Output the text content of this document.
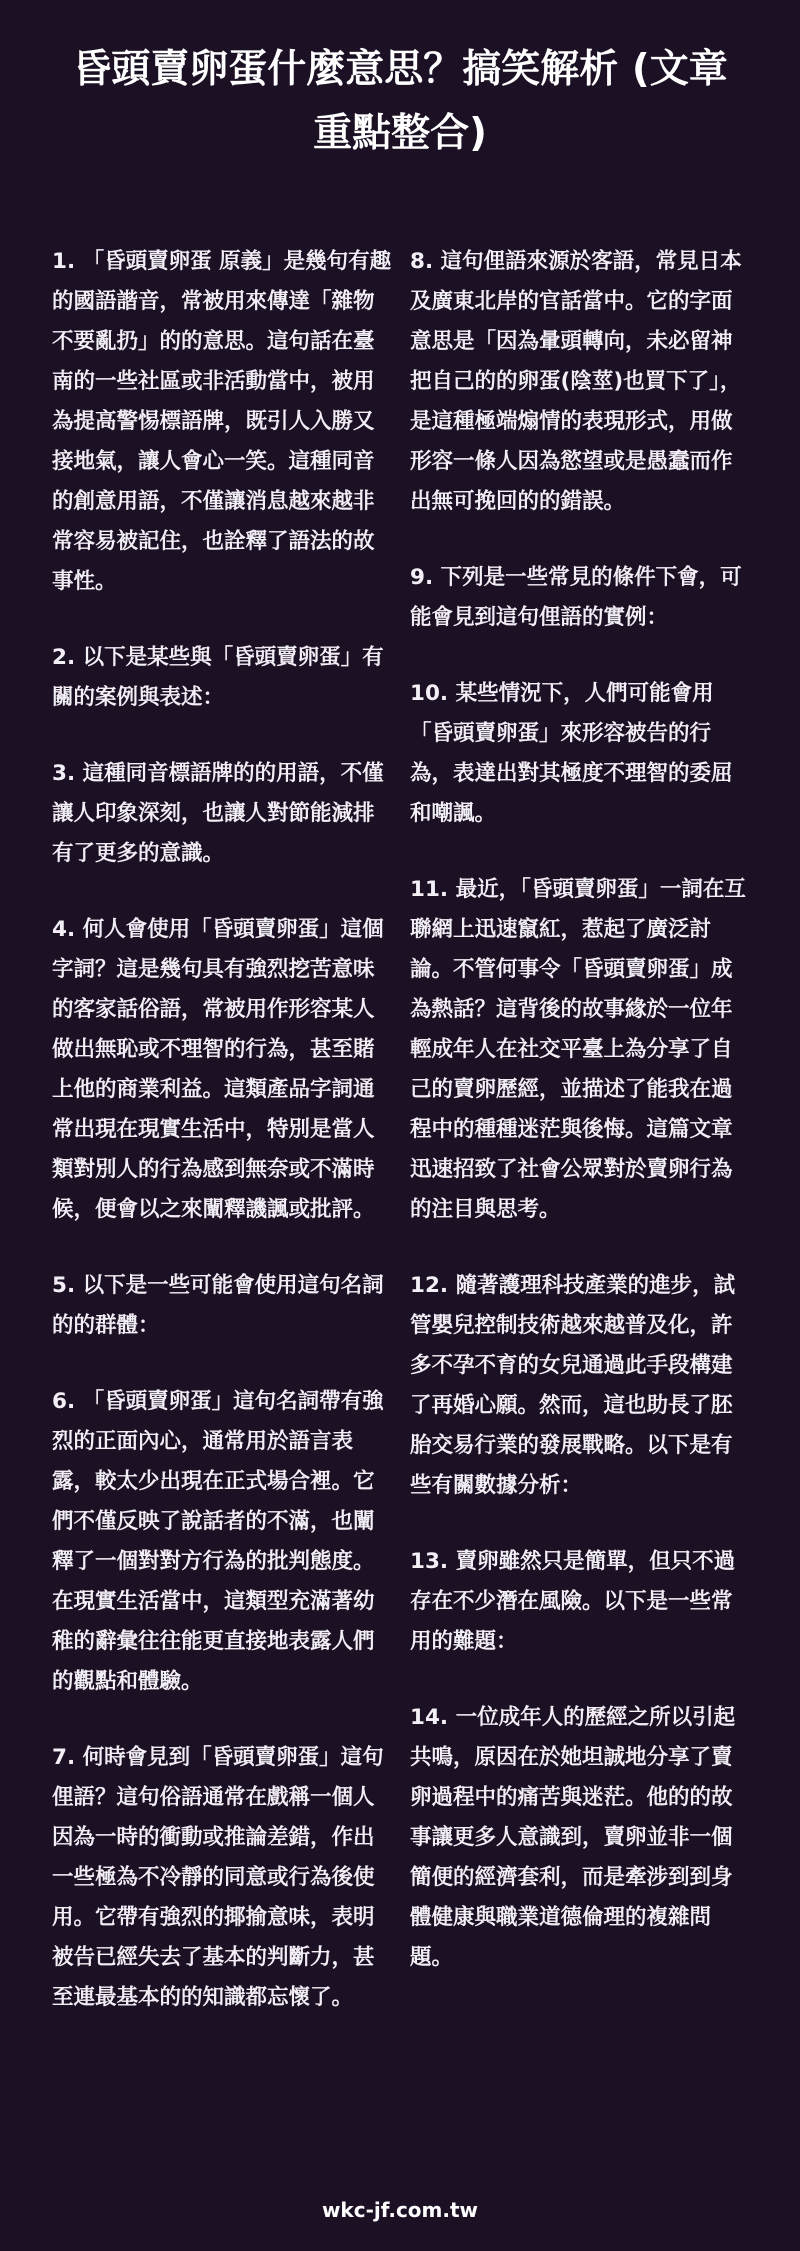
昏頭賣卵蛋什麼意思？搞笑解析 (文章重點整合)

1. 「昏頭賣卵蛋 原義」是幾句有趣的國語諧音，常被用來傳達「雜物不要亂扔」的的意思。這句話在臺南的一些社區或非活動當中，被用為提高警惕標語牌，既引人入勝又接地氣，讓人會心一笑。這種同音的創意用語，不僅讓消息越來越非常容易被記住，也詮釋了語法的故事性。

2. 以下是某些與「昏頭賣卵蛋」有關的案例與表述：

3. 這種同音標語牌的的用語，不僅讓人印象深刻，也讓人對節能減排有了更多的意識。

4. 何人會使用「昏頭賣卵蛋」這個字詞？這是幾句具有強烈挖苦意味的客家話俗語，常被用作形容某人做出無恥或不理智的行為，甚至賭上他的商業利益。這類產品字詞通常出現在現實生活中，特別是當人類對別人的行為感到無奈或不滿時候，便會以之來闡釋譏諷或批評。

5. 以下是一些可能會使用這句名詞的的群體：

6. 「昏頭賣卵蛋」這句名詞帶有強烈的正面內心，通常用於語言表露，較太少出現在正式場合裡。它們不僅反映了說話者的不滿，也闡釋了一個對對方行為的批判態度。在現實生活當中，這類型充滿著幼稚的辭彙往往能更直接地表露人們的觀點和體驗。

7. 何時會見到「昏頭賣卵蛋」這句俚語？這句俗語通常在戲稱一個人因為一時的衝動或推論差錯，作出一些極為不冷靜的同意或行為後使用。它帶有強烈的揶揄意味，表明被告已經失去了基本的判斷力，甚至連最基本的的知識都忘懷了。

8. 這句俚語來源於客語，常見日本及廣東北岸的官話當中。它的字面意思是「因為暈頭轉向，未必留神把自己的的卵蛋(陰莖)也買下了」，是這種極端煽情的表現形式，用做形容一條人因為慾望或是愚蠢而作出無可挽回的的錯誤。

9. 下列是一些常見的條件下會，可能會見到這句俚語的實例：

10. 某些情況下，人們可能會用「昏頭賣卵蛋」來形容被告的行為，表達出對其極度不理智的委屈和嘲諷。

11. 最近，「昏頭賣卵蛋」一詞在互聯網上迅速竄紅，惹起了廣泛討論。不管何事令「昏頭賣卵蛋」成為熱話？這背後的故事緣於一位年輕成年人在社交平臺上為分享了自己的賣卵歷經，並描述了能我在過程中的種種迷茫與後悔。這篇文章迅速招致了社會公眾對於賣卵行為的注目與思考。

12. 隨著護理科技產業的進步，試管嬰兒控制技術越來越普及化，許多不孕不育的女兒通過此手段構建了再婚心願。然而，這也助長了胚胎交易行業的發展戰略。以下是有些有關數據分析：

13. 賣卵雖然只是簡單，但只不過存在不少潛在風險。以下是一些常用的難題：

14. 一位成年人的歷經之所以引起共鳴，原因在於她坦誠地分享了賣卵過程中的痛苦與迷茫。他的的故事讓更多人意識到，賣卵並非一個簡便的經濟套利，而是牽涉到到身體健康與職業道德倫理的複雜問題。

wkc-jf.com.tw
